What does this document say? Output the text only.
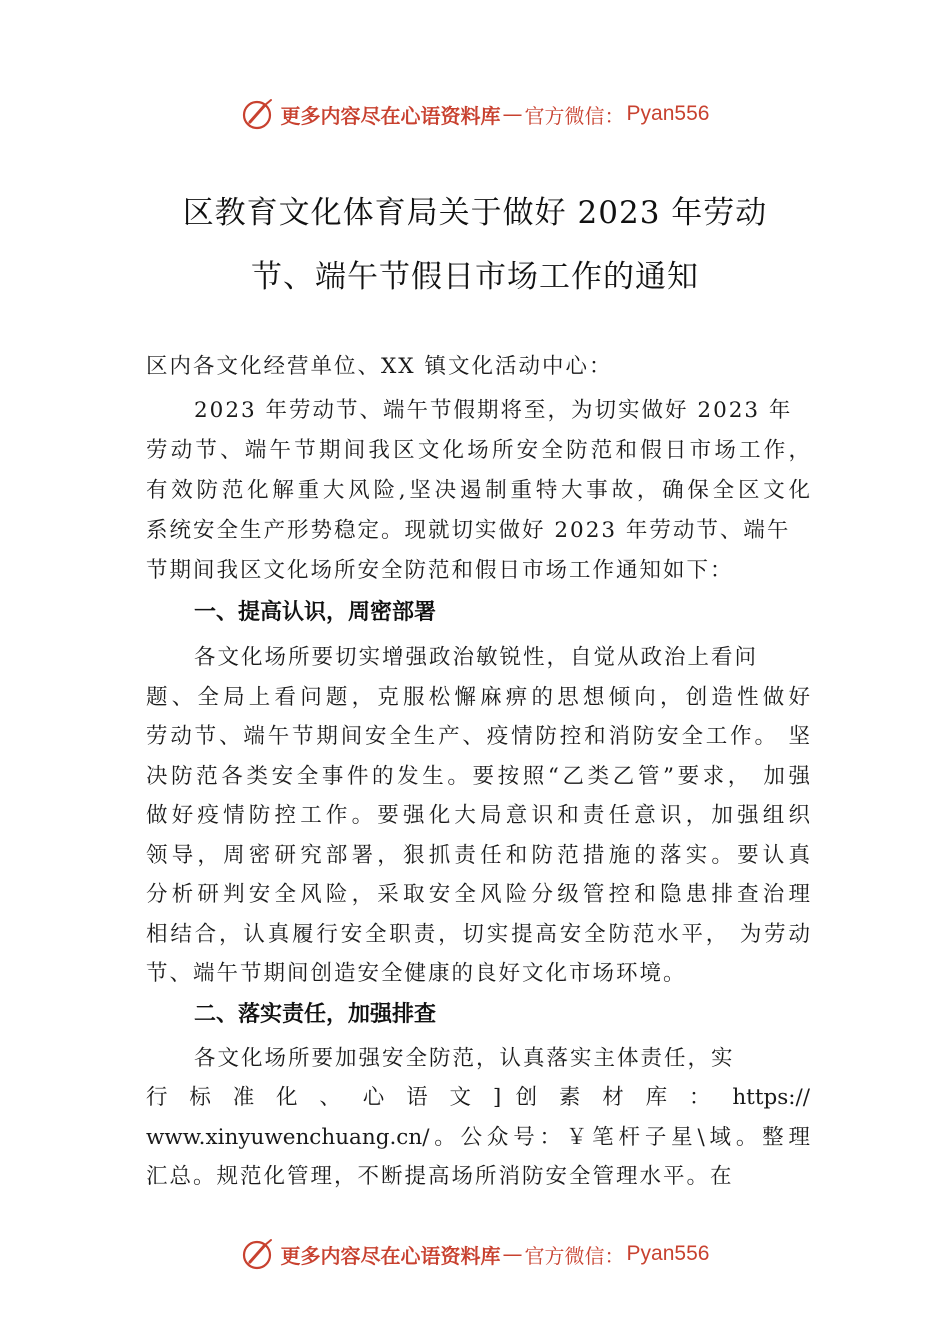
更多内容尽在心语资料库 — 官方微信： Pyan556
区教育文化体育局关于做好 2023 年劳动
节、端午节假日市场工作的通知
区内各文化经营单位、XX 镇文化活动中心：
2023 年劳动节、端午节假期将至，为切实做好 2023 年
劳动节、端午节期间我区文化场所安全防范和假日市场工作，
有效防范化解重大风险,坚决遏制重特大事故，确保全区文化
系统安全生产形势稳定。现就切实做好 2023 年劳动节、端午
节期间我区文化场所安全防范和假日市场工作通知如下：
一、提高认识，周密部署
各文化场所要切实增强政治敏锐性，自觉从政治上看问
题、全局上看问题，克服松懈麻痹的思想倾向，创造性做好
劳动节、端午节期间安全生产、疫情防控和消防安全工作。 坚
决防范各类安全事件的发生。要按照“乙类乙管”要求， 加强
做好疫情防控工作。要强化大局意识和责任意识，加强组织
领导，周密研究部署，狠抓责任和防范措施的落实。要认真
分析研判安全风险，采取安全风险分级管控和隐患排查治理
相结合，认真履行安全职责，切实提高安全防范水平， 为劳动
节、端午节期间创造安全健康的良好文化市场环境。
二、落实责任，加强排查
各文化场所要加强安全防范，认真落实主体责任，实
行 标 准 化 、 心 语 文 ] 创 素 材 库 ： https://
www.xinyuwenchuang.cn/。公众号：￥笔杆子星\域。整理
汇总。规范化管理，不断提高场所消防安全管理水平。在
更多内容尽在心语资料库 — 官方微信： Pyan556
